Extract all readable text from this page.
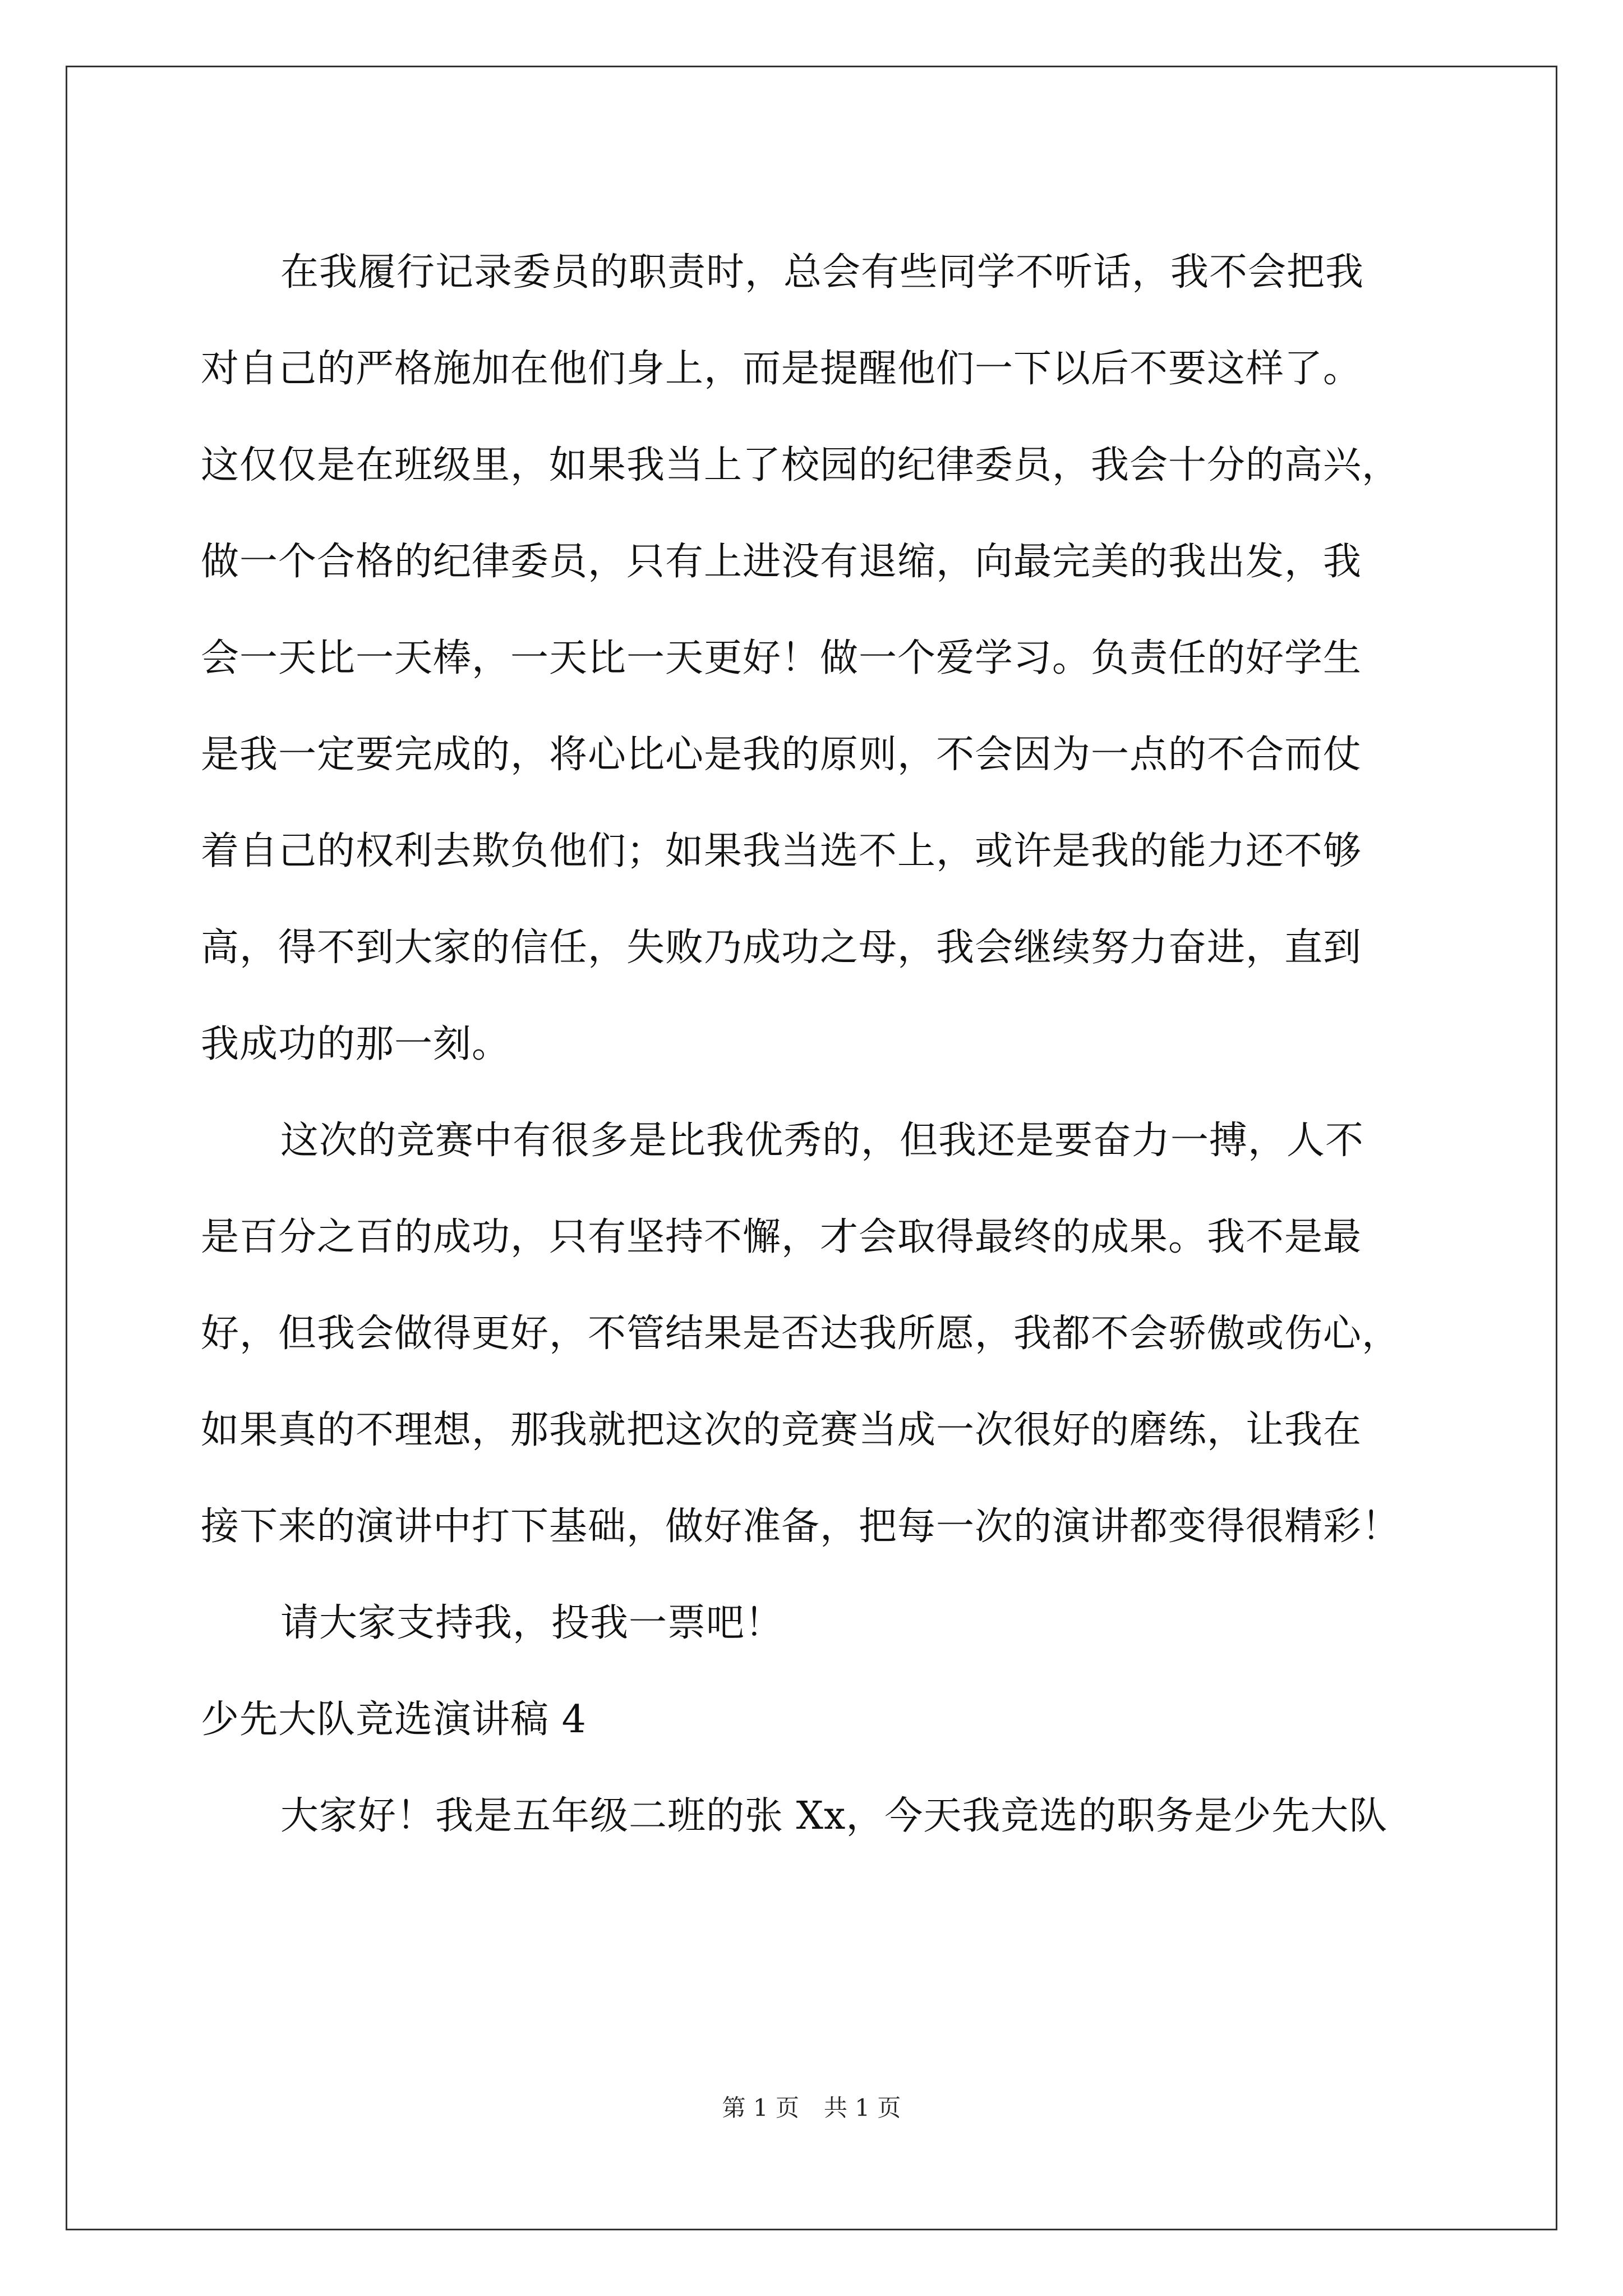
在我履行记录委员的职责时，总会有些同学不听话，我不会把我
对自己的严格施加在他们身上，而是提醒他们一下以后不要这样了。
这仅仅是在班级里，如果我当上了校园的纪律委员，我会十分的高兴，
做一个合格的纪律委员，只有上进没有退缩，向最完美的我出发，我
会一天比一天棒，一天比一天更好！做一个爱学习。负责任的好学生
是我一定要完成的，将心比心是我的原则，不会因为一点的不合而仗
着自己的权利去欺负他们；如果我当选不上，或许是我的能力还不够
高，得不到大家的信任，失败乃成功之母，我会继续努力奋进，直到
我成功的那一刻。
这次的竞赛中有很多是比我优秀的，但我还是要奋力一搏，人不
是百分之百的成功，只有坚持不懈，才会取得最终的成果。我不是最
好，但我会做得更好，不管结果是否达我所愿，我都不会骄傲或伤心，
如果真的不理想，那我就把这次的竞赛当成一次很好的磨练，让我在
接下来的演讲中打下基础，做好准备，把每一次的演讲都变得很精彩！
请大家支持我，投我一票吧！
少先大队竞选演讲稿 4
大家好！我是五年级二班的张 Xx，今天我竞选的职务是少先大队
第 1 页 共 1 页
